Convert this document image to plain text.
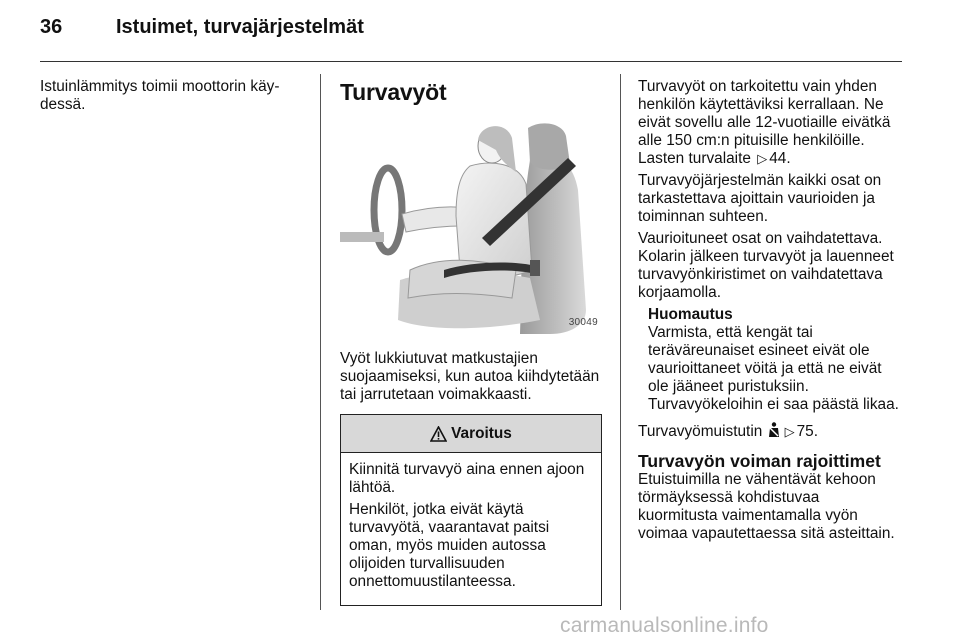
36	Istuimet, turvajärjestelmät

Istuinlämmitys toimii moottorin käy-dessä.	Turvavyöt
30049

Vyöt lukkiutuvat matkustajien suojaamiseksi, kun autoa kiihdytetään tai jarrutetaan voimakkaasti.

Varoitus

Kiinnitä turvavyö aina ennen ajoon lähtöä.

Henkilöt, jotka eivät käytä turvavyötä, vaarantavat paitsi oman, myös muiden autossa olijoiden turvallisuuden onnettomuustilanteessa.

Turvavyöt on tarkoitettu vain yhden henkilön käytettäviksi kerrallaan. Ne eivät sovellu alle 12-vuotiaille eivätkä alle 150 cm:n pituisille henkilöille. Lasten turvalaite ▷ 44.

Turvavyöjärjestelmän kaikki osat on tarkastettava ajoittain vaurioiden ja toiminnan suhteen.

Vaurioituneet osat on vaihdatettava. Kolarin jälkeen turvavyöt ja lauenneet turvavyönkiristimet on vaihdatettava korjaamolla.

Huomautus
Varmista, että kengät tai teräväreunaiset esineet eivät ole vaurioittaneet vöitä ja että ne eivät ole jääneet puristuksiin. Turvavyökeloihin ei saa päästä likaa.

Turvavyömuistutin ▷ 75.

Turvavyön voiman rajoittimet

Etuistuimilla ne vähentävät kehoon törmäyksessä kohdistuvaa kuormitusta vaimentamalla vyön voimaa vapautettaessa sitä asteittain.

carmanualsonline.info
